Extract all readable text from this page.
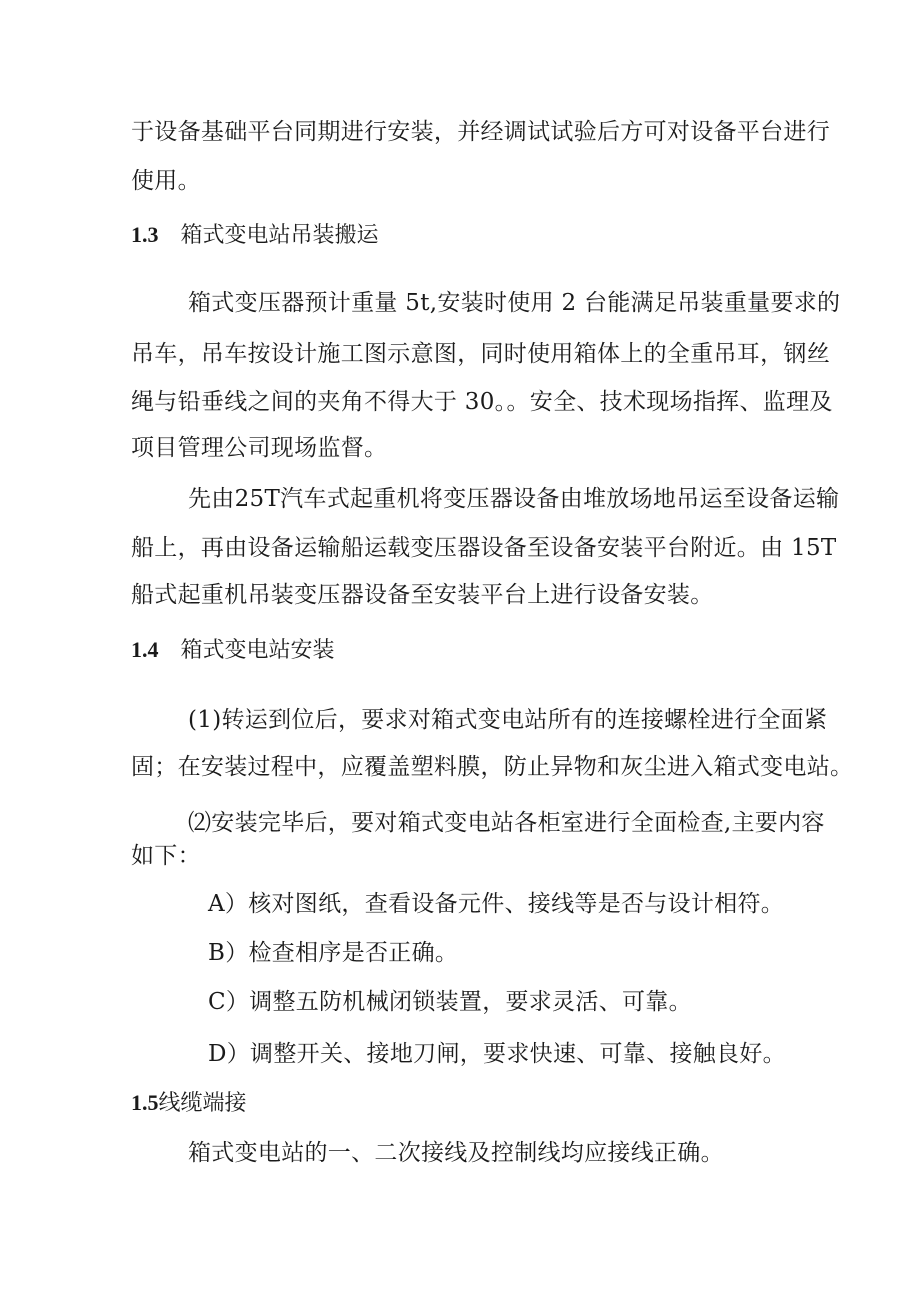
于设备基础平台同期进行安装，并经调试试验后方可对设备平台进行
使用。
1.3 箱式变电站吊装搬运
箱式变压器预计重量 5t,安装时使用 2 台能满足吊装重量要求的
吊车，吊车按设计施工图示意图，同时使用箱体上的全重吊耳，钢丝
绳与铅垂线之间的夹角不得大于 30。。安全、技术现场指挥、监理及
项目管理公司现场监督。
先由25T汽车式起重机将变压器设备由堆放场地吊运至设备运输
船上，再由设备运输船运载变压器设备至设备安装平台附近。由 15T
船式起重机吊装变压器设备至安装平台上进行设备安装。
1.4 箱式变电站安装
(1)转运到位后，要求对箱式变电站所有的连接螺栓进行全面紧
固；在安装过程中，应覆盖塑料膜，防止异物和灰尘进入箱式变电站。
⑵安装完毕后，要对箱式变电站各柜室进行全面检查,主要内容
如下：
A）核对图纸，查看设备元件、接线等是否与设计相符。
B）检查相序是否正确。
C）调整五防机械闭锁装置，要求灵活、可靠。
D）调整开关、接地刀闸，要求快速、可靠、接触良好。
1.5线缆端接
箱式变电站的一、二次接线及控制线均应接线正确。
